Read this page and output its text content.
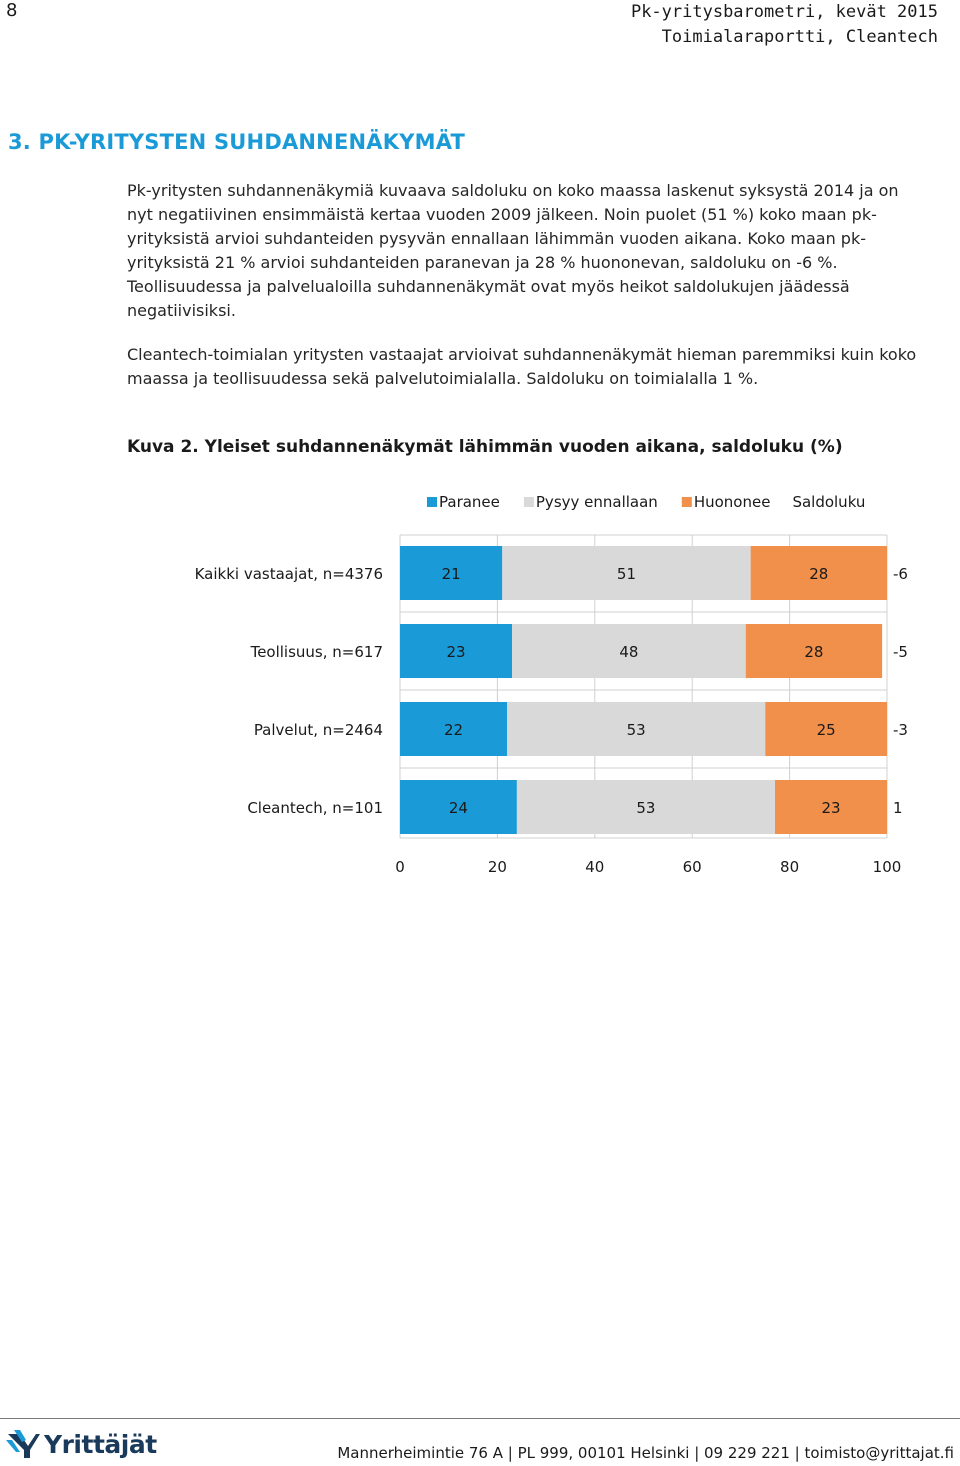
8	Pk-yritysbarometri, kevät 2015
Toimialaraportti, Cleantech
3. PK-YRITYSTEN SUHDANNENÄKYMÄT

Pk-yritysten suhdannenäkymiä kuvaava saldoluku on koko maassa laskenut syksystä 2014 ja on nyt negatiivinen ensimmäistä kertaa vuoden 2009 jälkeen. Noin puolet (51 %) koko maan pk-yrityksistä arvioi suhdanteiden pysyvän ennallaan lähimmän vuoden aikana. Koko maan pk-yrityksistä 21 % arvioi suhdanteiden paranevan ja 28 % huononevan, saldoluku on -6 %. Teollisuudessa ja palvelualoilla suhdannenäkymät ovat myös heikot saldolukujen jäädessä negatiivisiksi.

Cleantech-toimialan yritysten vastaajat arvioivat suhdannenäkymät hieman paremmiksi kuin koko maassa ja teollisuudessa sekä palvelutoimialalla. Saldoluku on toimialalla 1 %.

Kuva 2. Yleiset suhdannenäkymät lähimmän vuoden aikana, saldoluku (%)
Paranee Pysyy ennallaan Huononee Saldoluku
Kaikki vastaajat, n=4376	21	51	28	-6
Teollisuus, n=617	23	48	28	-5
Palvelut, n=2464	22	53	25	-3
Cleantech, n=101	24	53	23	1
0	20	40	60	80	100
Yrittäjät	Mannerheimintie 76 A | PL 999, 00101 Helsinki | 09 229 221 | toimisto@yrittajat.fi
